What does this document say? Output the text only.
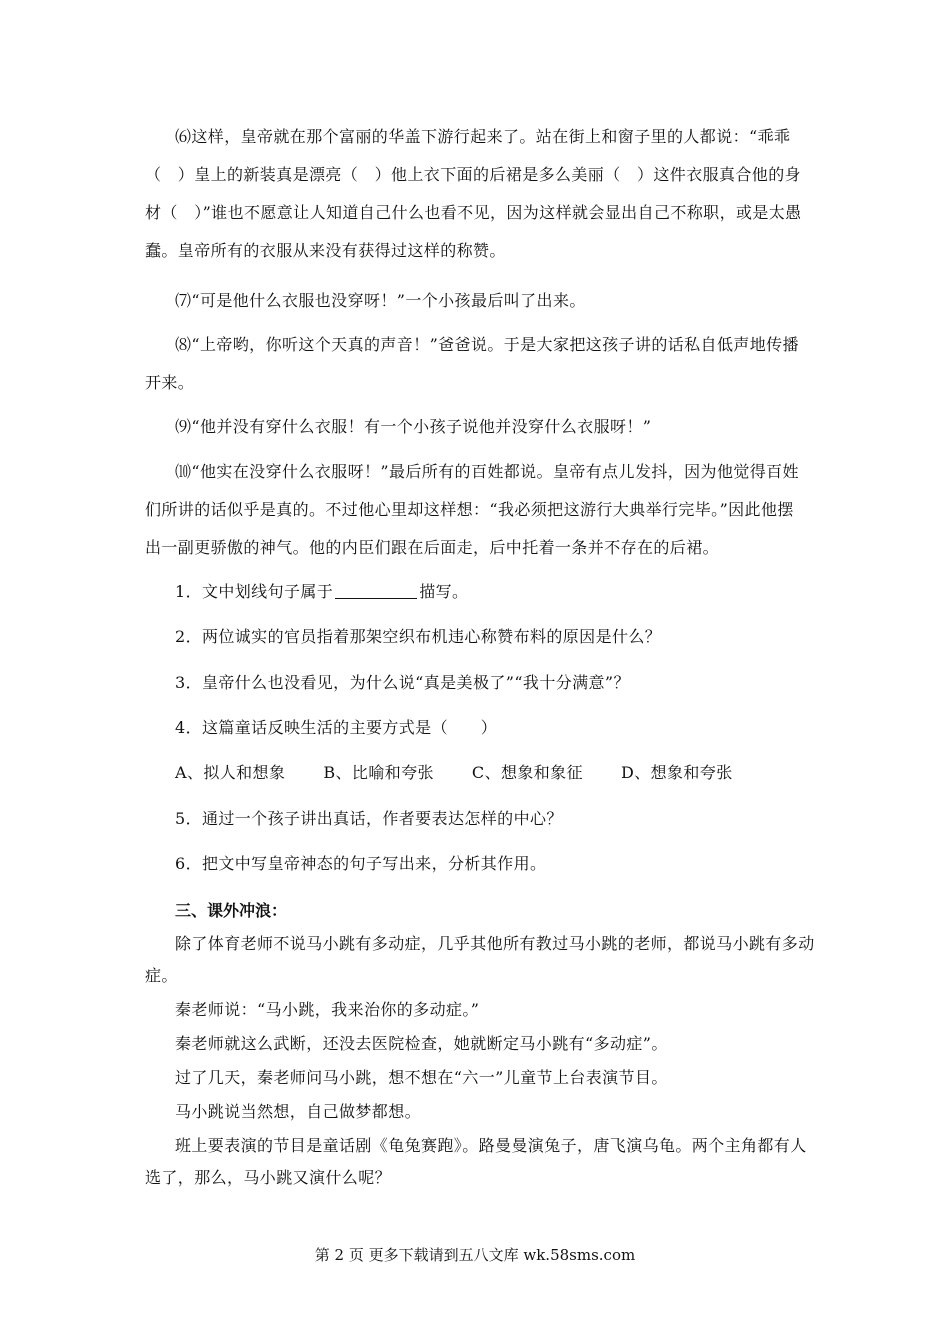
⑹这样，皇帝就在那个富丽的华盖下游行起来了。站在街上和窗子里的人都说：“乖乖（　）皇上的新装真是漂亮（　）他上衣下面的后裙是多么美丽（　）这件衣服真合他的身材（　）”谁也不愿意让人知道自己什么也看不见，因为这样就会显出自己不称职，或是太愚蠢。皇帝所有的衣服从来没有获得过这样的称赞。

⑺“可是他什么衣服也没穿呀！”一个小孩最后叫了出来。

⑻“上帝哟，你听这个天真的声音！”爸爸说。于是大家把这孩子讲的话私自低声地传播开来。

⑼“他并没有穿什么衣服！有一个小孩子说他并没穿什么衣服呀！”

⑽“他实在没穿什么衣服呀！”最后所有的百姓都说。皇帝有点儿发抖，因为他觉得百姓们所讲的话似乎是真的。不过他心里却这样想：“我必须把这游行大典举行完毕。”因此他摆出一副更骄傲的神气。他的内臣们跟在后面走，后中托着一条并不存在的后裙。

1．文中划线句子属于	描写。

2．两位诚实的官员指着那架空织布机违心称赞布料的原因是什么？

3．皇帝什么也没看见，为什么说“真是美极了”“我十分满意”？

4．这篇童话反映生活的主要方式是（　　）

A、拟人和想象 B、比喻和夸张 C、想象和象征 D、想象和夸张

5．通过一个孩子讲出真话，作者要表达怎样的中心？

6．把文中写皇帝神态的句子写出来，分析其作用。

三、课外冲浪：

除了体育老师不说马小跳有多动症，几乎其他所有教过马小跳的老师，都说马小跳有多动症。

秦老师说：“马小跳，我来治你的多动症。”

秦老师就这么武断，还没去医院检查，她就断定马小跳有“多动症”。

过了几天，秦老师问马小跳，想不想在“六一”儿童节上台表演节目。

马小跳说当然想，自己做梦都想。

班上要表演的节目是童话剧《龟兔赛跑》。路曼曼演兔子，唐飞演乌龟。两个主角都有人选了，那么，马小跳又演什么呢？

第 2 页 更多下载请到五八文库 wk.58sms.com
